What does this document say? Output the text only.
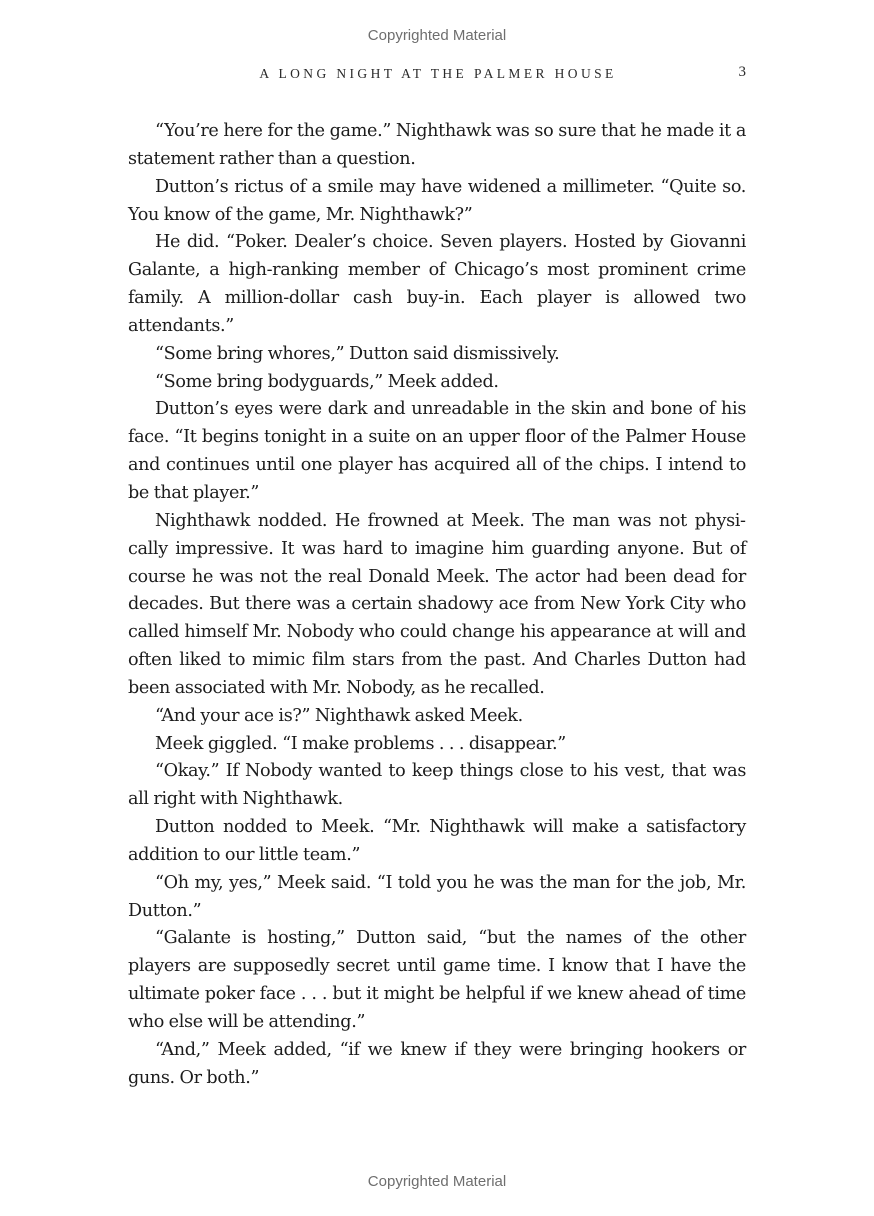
Copyrighted Material
A LONG NIGHT AT THE PALMER HOUSE	3

“You’re here for the game.” Nighthawk was so sure that he made it a statement rather than a question.

Dutton’s rictus of a smile may have widened a millimeter. “Quite so. You know of the game, Mr. Nighthawk?”

He did. “Poker. Dealer’s choice. Seven players. Hosted by Giovanni Galante, a high-ranking member of Chicago’s most prominent crime family. A million-dollar cash buy-in. Each player is allowed two attendants.”

“Some bring whores,” Dutton said dismissively.

“Some bring bodyguards,” Meek added.

Dutton’s eyes were dark and unreadable in the skin and bone of his face. “It begins tonight in a suite on an upper floor of the Palmer House and continues until one player has acquired all of the chips. I intend to be that player.”

Nighthawk nodded. He frowned at Meek. The man was not physically impressive. It was hard to imagine him guarding anyone. But of course he was not the real Donald Meek. The actor had been dead for decades. But there was a certain shadowy ace from New York City who called himself Mr. Nobody who could change his appearance at will and often liked to mimic film stars from the past. And Charles Dutton had been associated with Mr. Nobody, as he recalled.

“And your ace is?” Nighthawk asked Meek.

Meek giggled. “I make problems . . . disappear.”

“Okay.” If Nobody wanted to keep things close to his vest, that was all right with Nighthawk.

Dutton nodded to Meek. “Mr. Nighthawk will make a satisfactory addition to our little team.”

“Oh my, yes,” Meek said. “I told you he was the man for the job, Mr. Dutton.”

“Galante is hosting,” Dutton said, “but the names of the other players are supposedly secret until game time. I know that I have the ultimate poker face . . . but it might be helpful if we knew ahead of time who else will be attending.”

“And,” Meek added, “if we knew if they were bringing hookers or guns. Or both.”

Copyrighted Material
